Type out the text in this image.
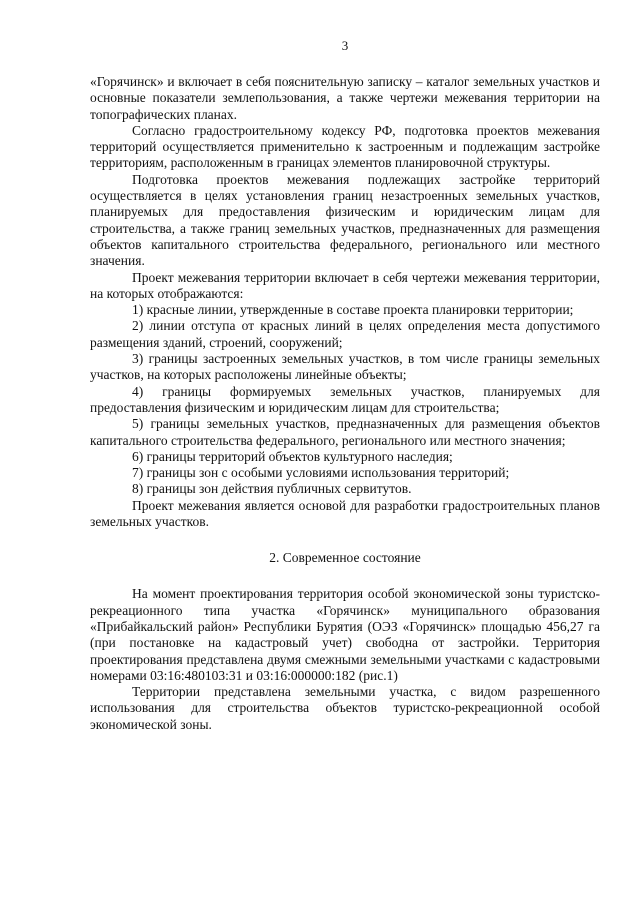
3

«Горячинск» и включает в себя пояснительную записку – каталог земельных участков и основные показатели землепользования, а также чертежи межевания территории на топографических планах.

Согласно градостроительному кодексу РФ, подготовка проектов межевания территорий осуществляется применительно к застроенным и подлежащим застройке территориям, расположенным в границах элементов планировочной структуры.

Подготовка проектов межевания подлежащих застройке территорий осуществляется в целях установления границ незастроенных земельных участков, планируемых для предоставления физическим и юридическим лицам для строительства, а также границ земельных участков, предназначенных для размещения объектов капитального строительства федерального, регионального или местного значения.

Проект межевания территории включает в себя чертежи межевания территории, на которых отображаются:

1) красные линии, утвержденные в составе проекта планировки территории;

2) линии отступа от красных линий в целях определения места допустимого размещения зданий, строений, сооружений;

3) границы застроенных земельных участков, в том числе границы земельных участков, на которых расположены линейные объекты;

4) границы формируемых земельных участков, планируемых для предоставления физическим и юридическим лицам для строительства;

5) границы земельных участков, предназначенных для размещения объектов капитального строительства федерального, регионального или местного значения;

6) границы территорий объектов культурного наследия;

7) границы зон с особыми условиями использования территорий;

8) границы зон действия публичных сервитутов.

Проект межевания является основой для разработки градостроительных планов земельных участков.

2. Современное состояние

На момент проектирования территория особой экономической зоны туристско-рекреационного типа участка «Горячинск» муниципального образования «Прибайкальский район» Республики Бурятия (ОЭЗ «Горячинск» площадью 456,27 га (при постановке на кадастровый учет) свободна от застройки. Территория проектирования представлена двумя смежными земельными участками с кадастровыми номерами 03:16:480103:31 и 03:16:000000:182 (рис.1)

Территории представлена земельными участка, с видом разрешенного использования для строительства объектов туристско-рекреационной особой экономической зоны.
